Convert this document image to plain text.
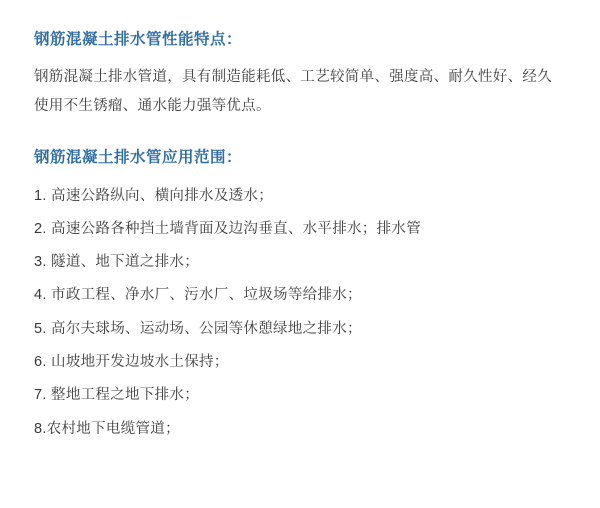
钢筋混凝土排水管性能特点：

钢筋混凝土排水管道，具有制造能耗低、工艺较简单、强度高、耐久性好、经久使用不生锈瘤、通水能力强等优点。

钢筋混凝土排水管应用范围：
1. 高速公路纵向、横向排水及透水；
2. 高速公路各种挡土墙背面及边沟垂直、水平排水；排水管
3. 隧道、地下道之排水；
4. 市政工程、净水厂、污水厂、垃圾场等给排水；
5. 高尔夫球场、运动场、公园等休憩绿地之排水；
6. 山坡地开发边坡水土保持；
7. 整地工程之地下排水；
8.农村地下电缆管道；
